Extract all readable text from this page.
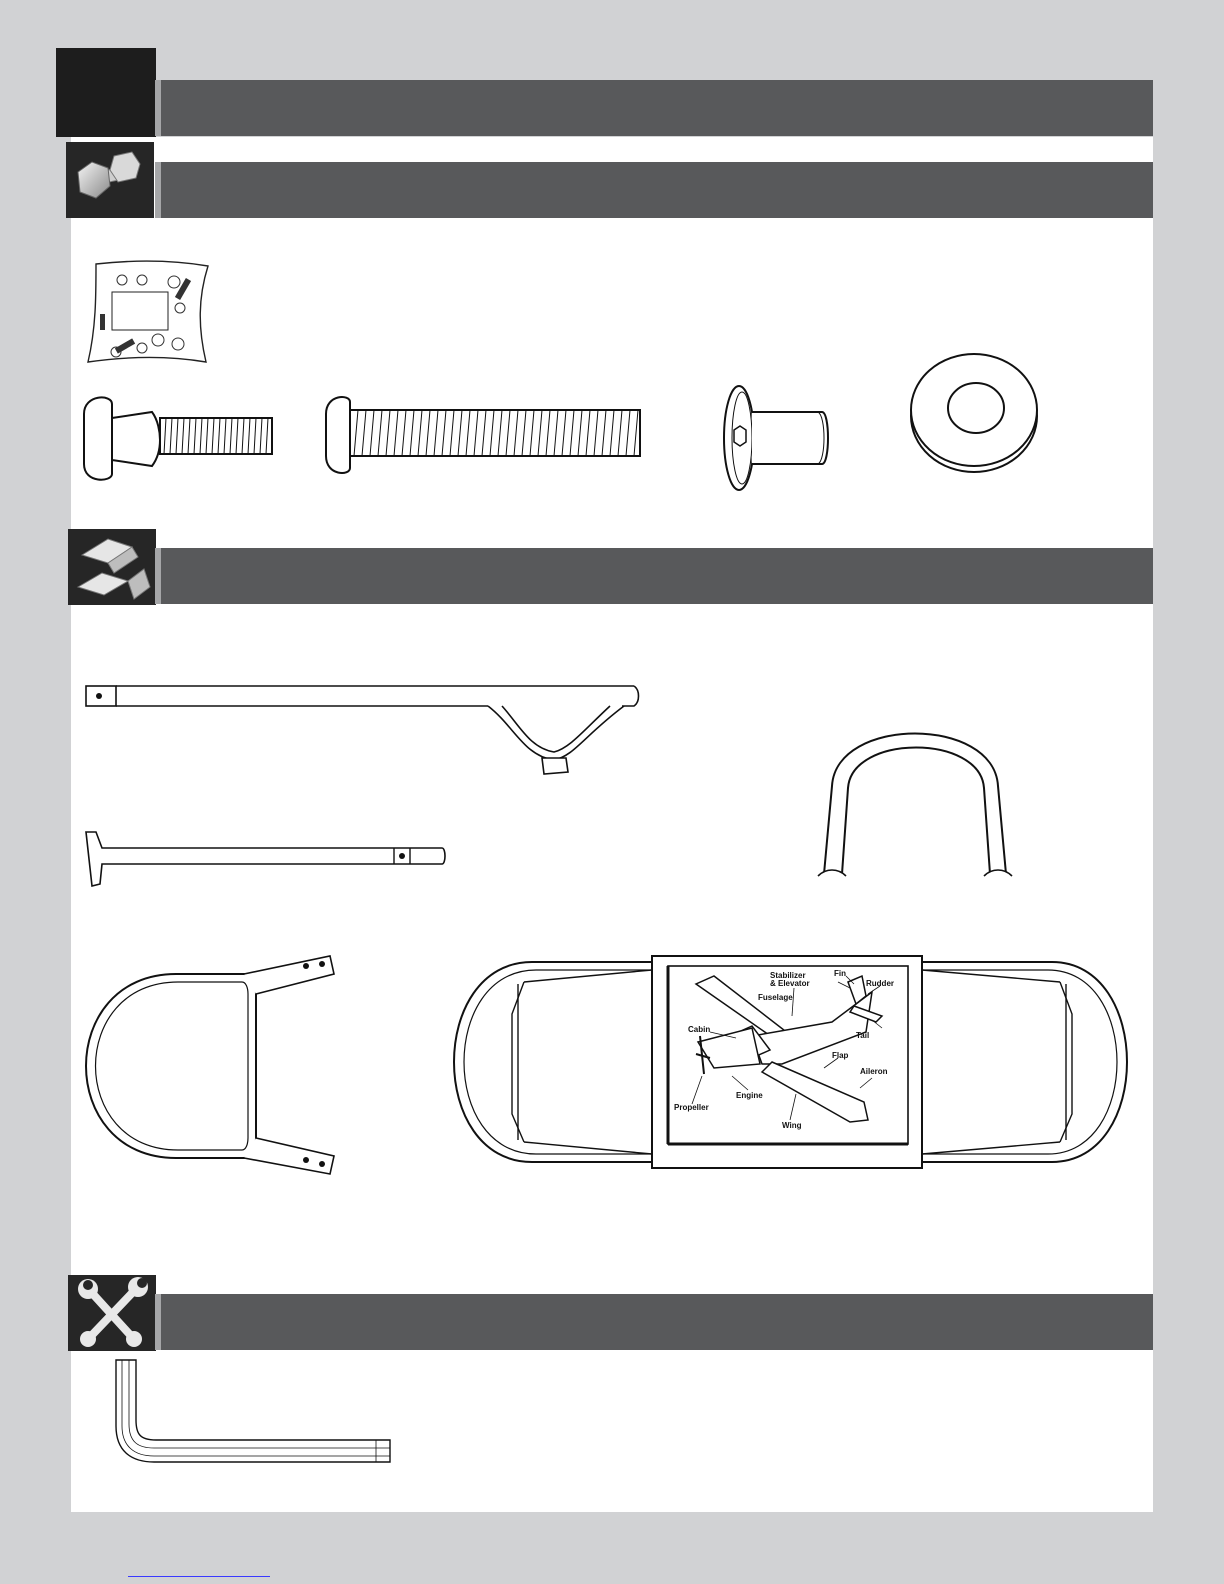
Stabilizer
& Elevator
Fin
Rudder
Fuselage
Cabin
Tail
Flap
Aileron
Propeller
Engine
Wing
